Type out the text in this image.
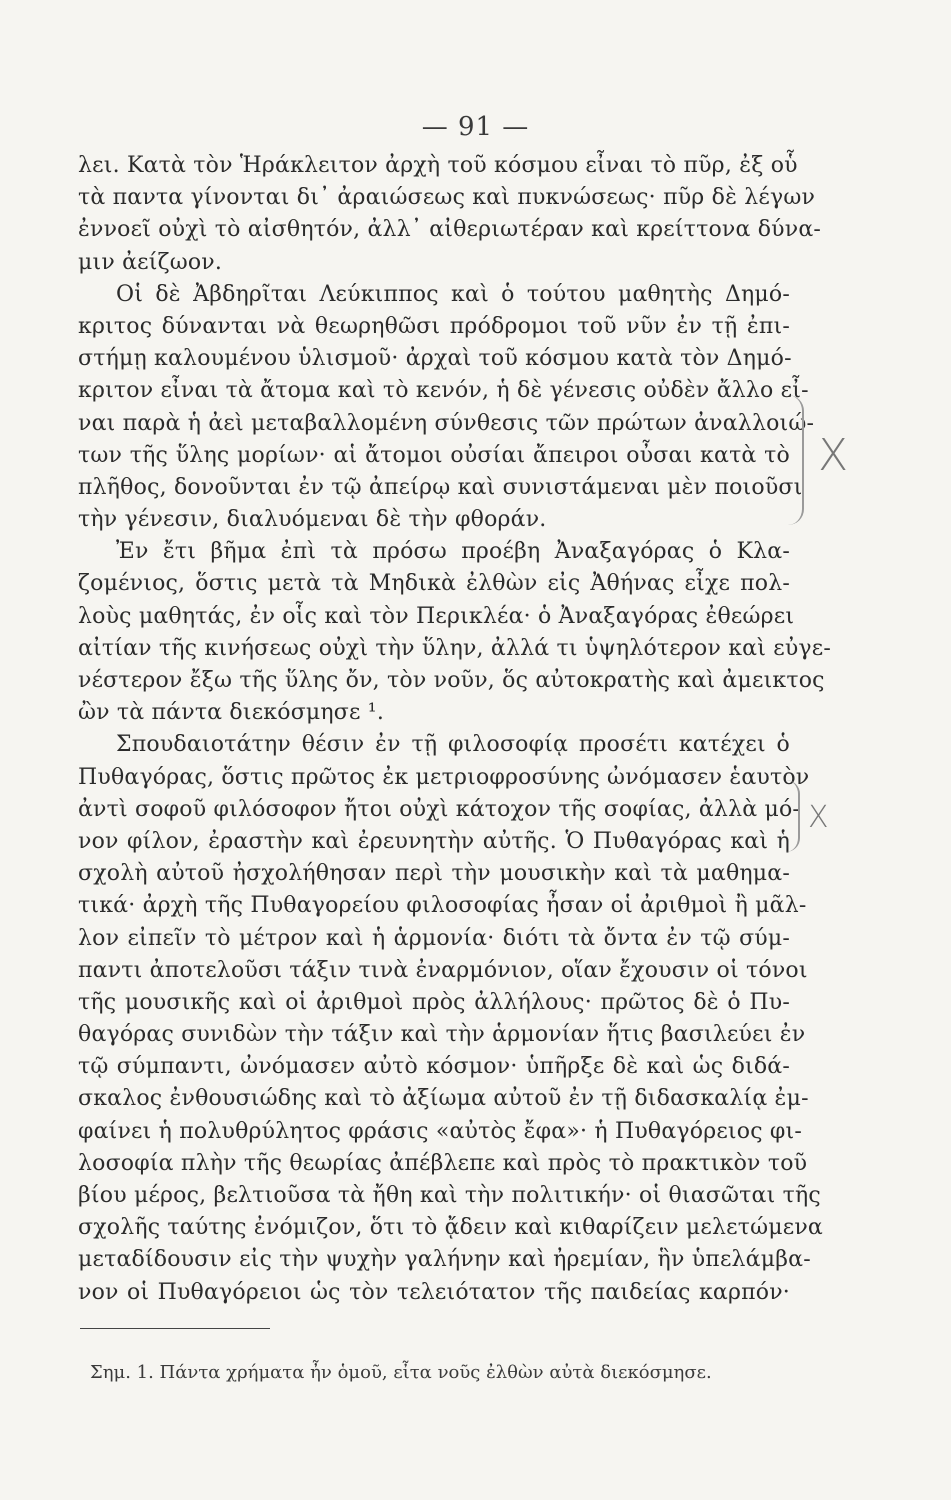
— 91 —
λει. Κατὰ τὸν Ἡράκλειτον ἀρχὴ τοῦ κόσμου εἶναι τὸ πῦρ, ἐξ οὗ
τὰ παντα γίνονται δι᾽ ἀραιώσεως καὶ πυκνώσεως· πῦρ δὲ λέγων
ἐννοεῖ οὐχὶ τὸ αἰσθητόν, ἀλλ᾽ αἰθεριωτέραν καὶ κρείττονα δύνα-
μιν ἀείζωον.
Οἱ δὲ Ἀβδηρῖται Λεύκιππος καὶ ὁ τούτου μαθητὴς Δημό-
κριτος δύνανται νὰ θεωρηθῶσι πρόδρομοι τοῦ νῦν ἐν τῇ ἐπι-
στήμῃ καλουμένου ὑλισμοῦ· ἀρχαὶ τοῦ κόσμου κατὰ τὸν Δημό-
κριτον εἶναι τὰ ἄτομα καὶ τὸ κενόν, ἡ δὲ γένεσις οὐδὲν ἄλλο εἶ-
ναι παρὰ ἡ ἀεὶ μεταβαλλομένη σύνθεσις τῶν πρώτων ἀναλλοιώ-
των τῆς ὕλης μορίων· αἱ ἄτομοι οὐσίαι ἄπειροι οὖσαι κατὰ τὸ
πλῆθος, δονοῦνται ἐν τῷ ἀπείρῳ καὶ συνιστάμεναι μὲν ποιοῦσι
τὴν γένεσιν, διαλυόμεναι δὲ τὴν φθοράν.
Ἐν ἔτι βῆμα ἐπὶ τὰ πρόσω προέβη Ἀναξαγόρας ὁ Κλα-
ζομένιος, ὅστις μετὰ τὰ Μηδικὰ ἐλθὼν εἰς Ἀθήνας εἶχε πολ-
λοὺς μαθητάς, ἐν οἷς καὶ τὸν Περικλέα· ὁ Ἀναξαγόρας ἐθεώρει
αἰτίαν τῆς κινήσεως οὐχὶ τὴν ὕλην, ἀλλά τι ὑψηλότερον καὶ εὐγε-
νέστερον ἔξω τῆς ὕλης ὄν, τὸν νοῦν, ὅς αὐτοκρατὴς καὶ ἀμεικτος
ὢν τὰ πάντα διεκόσμησε ¹.
Σπουδαιοτάτην θέσιν ἐν τῇ φιλοσοφίᾳ προσέτι κατέχει ὁ
Πυθαγόρας, ὅστις πρῶτος ἐκ μετριοφροσύνης ὠνόμασεν ἑαυτὸν
ἀντὶ σοφοῦ φιλόσοφον ἤτοι οὐχὶ κάτοχον τῆς σοφίας, ἀλλὰ μό-
νον φίλον, ἐραστὴν καὶ ἐρευνητὴν αὐτῆς. Ὁ Πυθαγόρας καὶ ἡ
σχολὴ αὐτοῦ ἠσχολήθησαν περὶ τὴν μουσικὴν καὶ τὰ μαθημα-
τικά· ἀρχὴ τῆς Πυθαγορείου φιλοσοφίας ἦσαν οἱ ἀριθμοὶ ἢ μᾶλ-
λον εἰπεῖν τὸ μέτρον καὶ ἡ ἁρμονία· διότι τὰ ὄντα ἐν τῷ σύμ-
παντι ἀποτελοῦσι τάξιν τινὰ ἐναρμόνιον, οἵαν ἔχουσιν οἱ τόνοι
τῆς μουσικῆς καὶ οἱ ἀριθμοὶ πρὸς ἀλλήλους· πρῶτος δὲ ὁ Πυ-
θαγόρας συνιδὼν τὴν τάξιν καὶ τὴν ἁρμονίαν ἥτις βασιλεύει ἐν
τῷ σύμπαντι, ὠνόμασεν αὐτὸ κόσμον· ὑπῆρξε δὲ καὶ ὡς διδά-
σκαλος ἐνθουσιώδης καὶ τὸ ἀξίωμα αὐτοῦ ἐν τῇ διδασκαλίᾳ ἐμ-
φαίνει ἡ πολυθρύλητος φράσις «αὐτὸς ἔφα»· ἡ Πυθαγόρειος φι-
λοσοφία πλὴν τῆς θεωρίας ἀπέβλεπε καὶ πρὸς τὸ πρακτικὸν τοῦ
βίου μέρος, βελτιοῦσα τὰ ἤθη καὶ τὴν πολιτικήν· οἱ θιασῶται τῆς
σχολῆς ταύτης ἐνόμιζον, ὅτι τὸ ᾄδειν καὶ κιθαρίζειν μελετώμενα
μεταδίδουσιν εἰς τὴν ψυχὴν γαλήνην καὶ ἠρεμίαν, ἣν ὑπελάμβα-
νον οἱ Πυθαγόρειοι ὡς τὸν τελειότατον τῆς παιδείας καρπόν·
X
X
Σημ. 1. Πάντα χρήματα ἦν ὁμοῦ, εἶτα νοῦς ἐλθὼν αὐτὰ διεκόσμησε.
